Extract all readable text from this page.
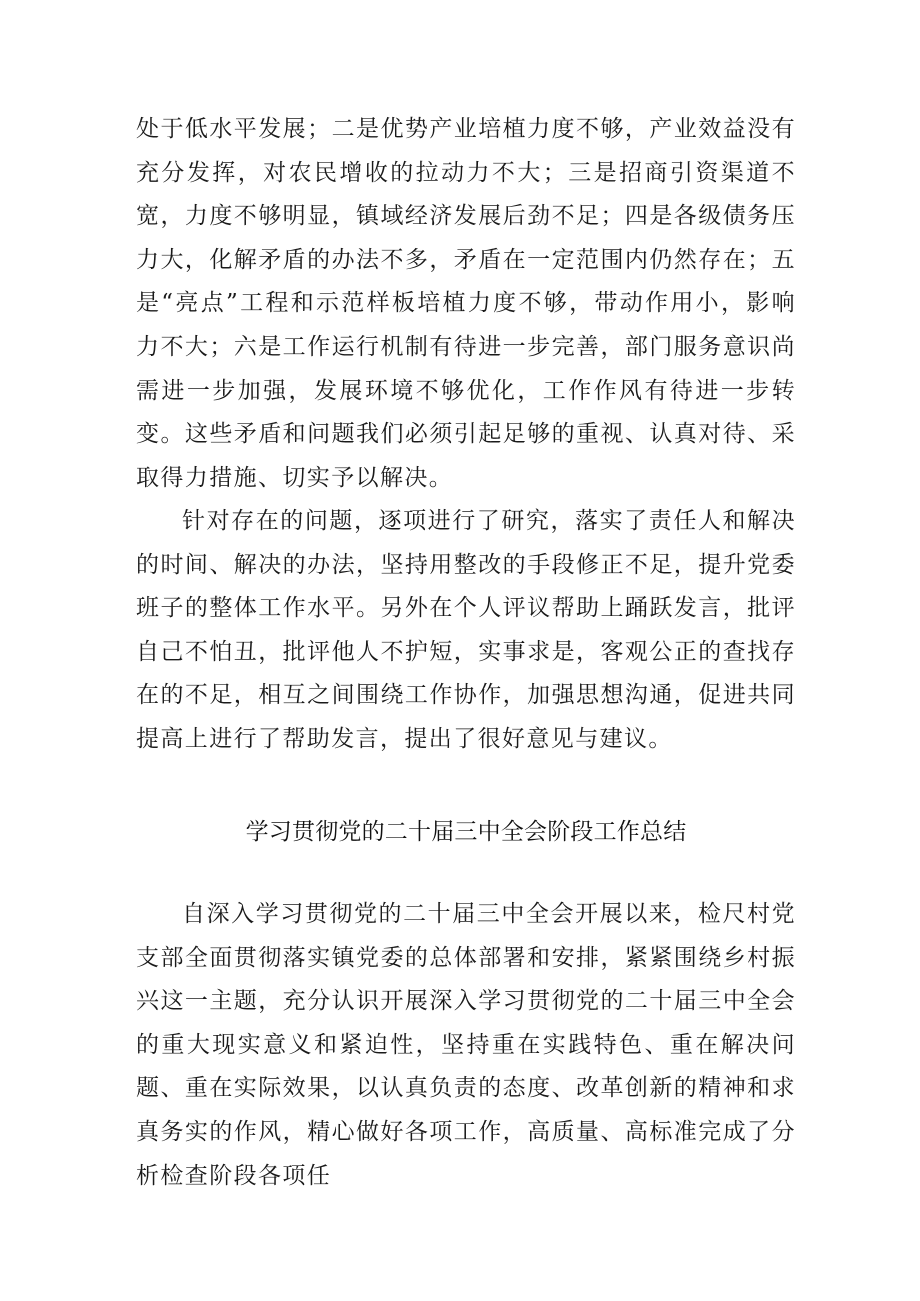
处于低水平发展；二是优势产业培植力度不够，产业效益没有充分发挥，对农民增收的拉动力不大；三是招商引资渠道不宽，力度不够明显，镇域经济发展后劲不足；四是各级债务压力大，化解矛盾的办法不多，矛盾在一定范围内仍然存在；五是“亮点”工程和示范样板培植力度不够，带动作用小，影响力不大；六是工作运行机制有待进一步完善，部门服务意识尚需进一步加强，发展环境不够优化，工作作风有待进一步转变。这些矛盾和问题我们必须引起足够的重视、认真对待、采取得力措施、切实予以解决。

针对存在的问题，逐项进行了研究，落实了责任人和解决的时间、解决的办法，坚持用整改的手段修正不足，提升党委班子的整体工作水平。另外在个人评议帮助上踊跃发言，批评自己不怕丑，批评他人不护短，实事求是，客观公正的查找存在的不足，相互之间围绕工作协作，加强思想沟通，促进共同提高上进行了帮助发言，提出了很好意见与建议。

学习贯彻党的二十届三中全会阶段工作总结

自深入学习贯彻党的二十届三中全会开展以来，检尺村党支部全面贯彻落实镇党委的总体部署和安排，紧紧围绕乡村振兴这一主题，充分认识开展深入学习贯彻党的二十届三中全会的重大现实意义和紧迫性，坚持重在实践特色、重在解决问题、重在实际效果，以认真负责的态度、改革创新的精神和求真务实的作风，精心做好各项工作，高质量、高标准完成了分析检查阶段各项任
